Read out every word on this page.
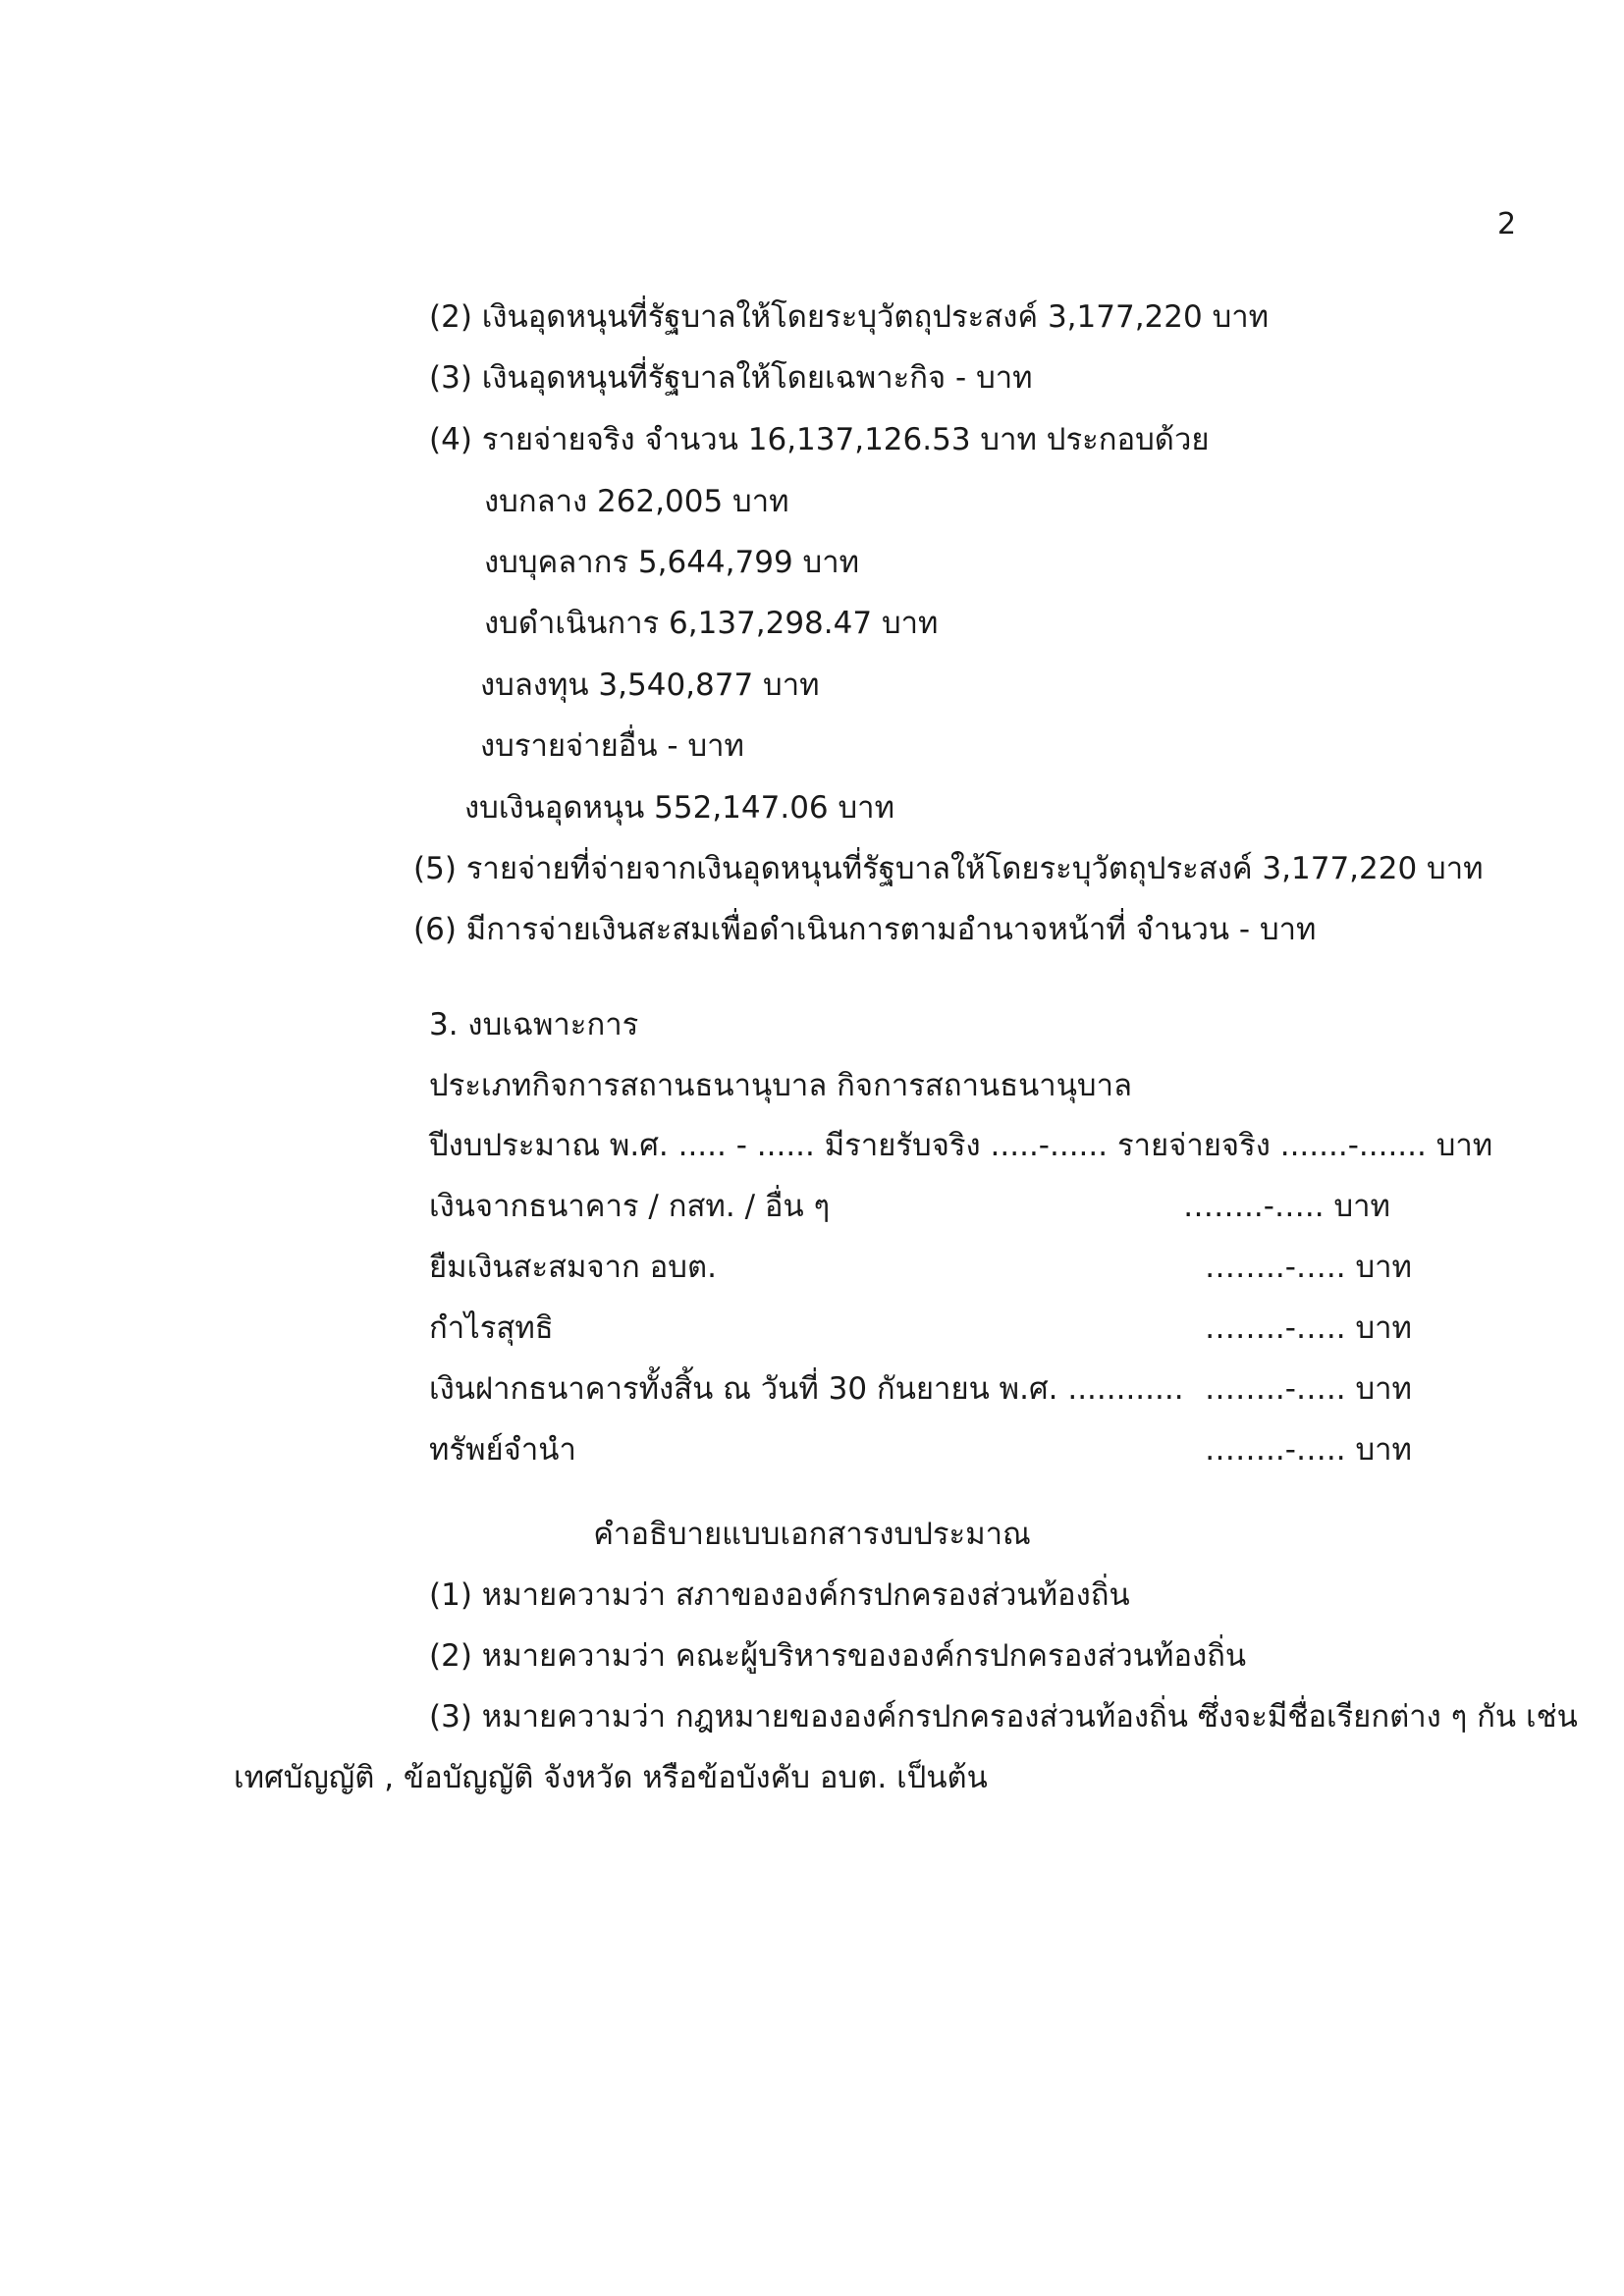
2
(2) เงินอุดหนุนที่รัฐบาลให้โดยระบุวัตถุประสงค์ 3,177,220 บาท
(3) เงินอุดหนุนที่รัฐบาลให้โดยเฉพาะกิจ - บาท
(4) รายจ่ายจริง จำนวน 16,137,126.53 บาท ประกอบด้วย
งบกลาง 262,005 บาท
งบบุคลากร 5,644,799 บาท
งบดำเนินการ 6,137,298.47 บาท
งบลงทุน 3,540,877 บาท
งบรายจ่ายอื่น - บาท
งบเงินอุดหนุน 552,147.06 บาท
(5) รายจ่ายที่จ่ายจากเงินอุดหนุนที่รัฐบาลให้โดยระบุวัตถุประสงค์ 3,177,220 บาท
(6) มีการจ่ายเงินสะสมเพื่อดำเนินการตามอำนาจหน้าที่ จำนวน - บาท
3. งบเฉพาะการ
ประเภทกิจการสถานธนานุบาล กิจการสถานธนานุบาล
ปีงบประมาณ พ.ศ. ..... - ...... มีรายรับจริง .....-...... รายจ่ายจริง .......-....... บาท
เงินจากธนาคาร / กสท. / อื่น ๆ	……..-….. บาท
ยืมเงินสะสมจาก อบต.	……..-….. บาท
กำไรสุทธิ	……..-….. บาท
เงินฝากธนาคารทั้งสิ้น ณ วันที่ 30 กันยายน พ.ศ. ............ ……..-….. บาท
ทรัพย์จำนำ	……..-….. บาท
คำอธิบายแบบเอกสารงบประมาณ
(1) หมายความว่า สภาขององค์กรปกครองส่วนท้องถิ่น
(2) หมายความว่า คณะผู้บริหารขององค์กรปกครองส่วนท้องถิ่น
(3) หมายความว่า กฎหมายขององค์กรปกครองส่วนท้องถิ่น ซึ่งจะมีชื่อเรียกต่าง ๆ กัน เช่น
เทศบัญญัติ , ข้อบัญญัติ จังหวัด หรือข้อบังคับ อบต. เป็นต้น
